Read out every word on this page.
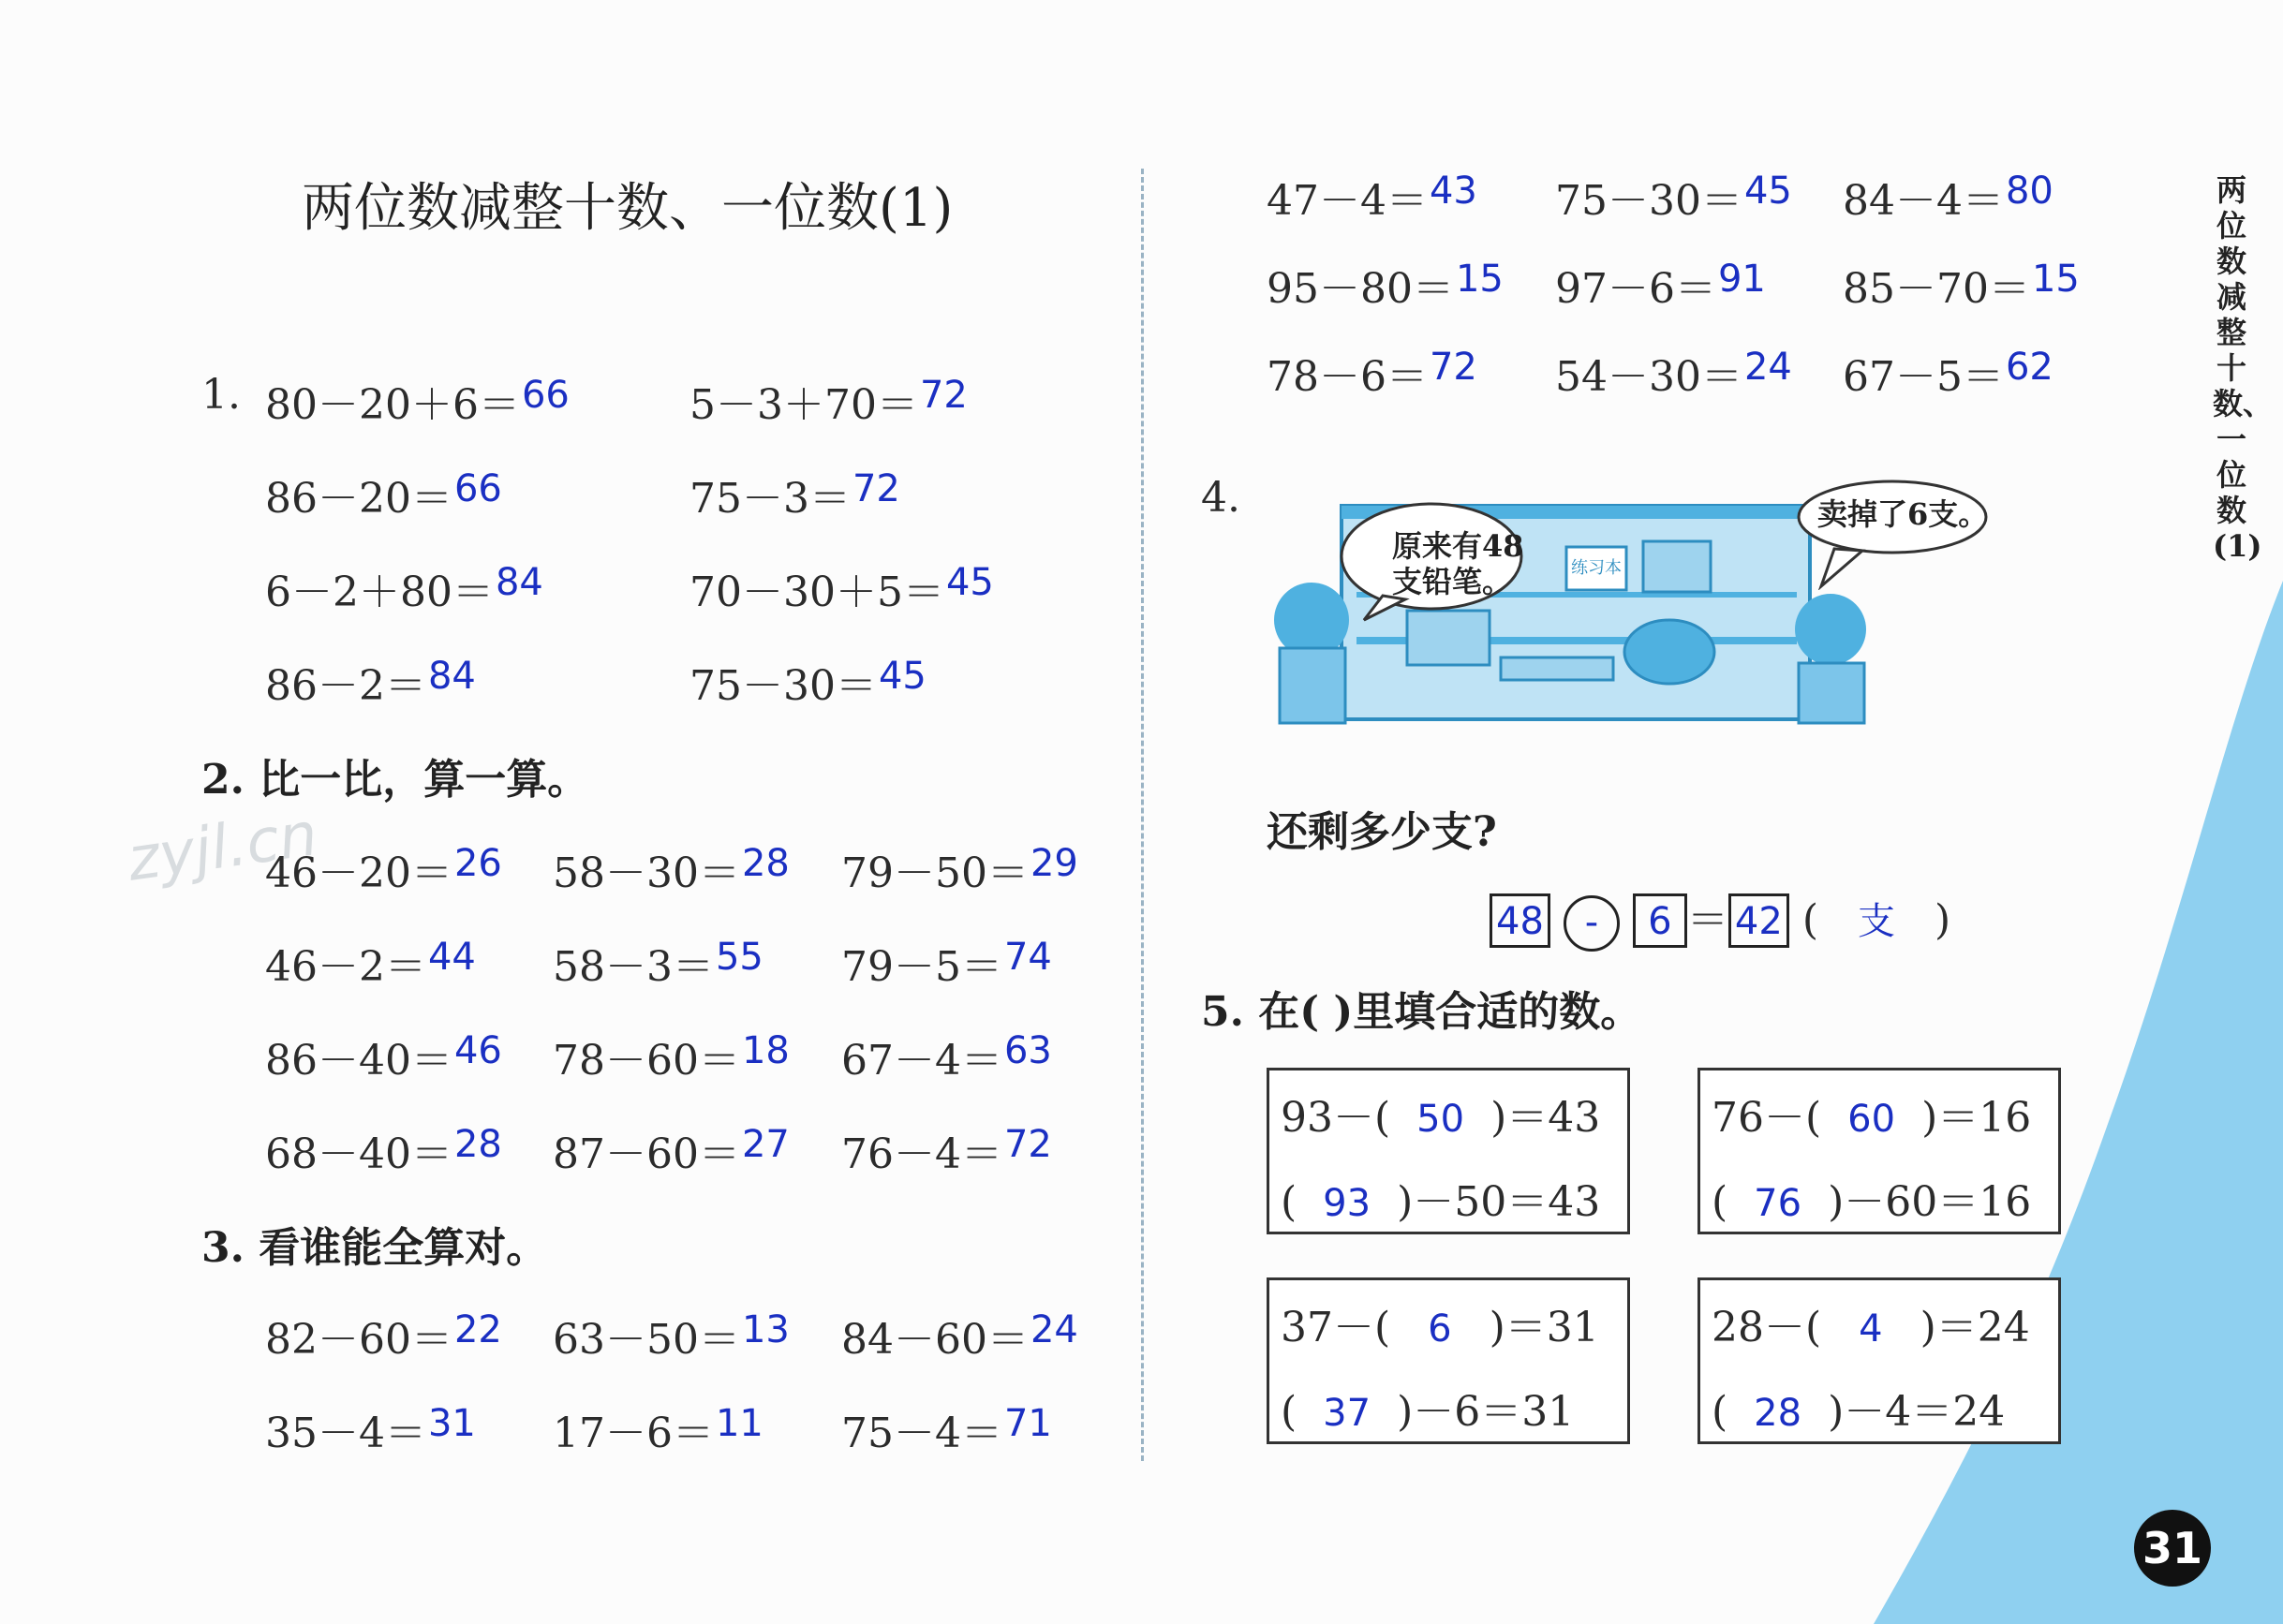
zyjl.cn
两位数减整十数、一位数(1)
1. 80－20＋6＝66	5－3＋70＝72
86－20＝66	75－3＝72
6－2＋80＝84	70－30＋5＝45
86－2＝84	75－30＝45
2. 比一比，算一算。
46－20＝26 58－30＝28 79－50＝29
46－2＝44 58－3＝55 79－5＝74
86－40＝46 78－60＝18 67－4＝63
68－40＝28 87－60＝27 76－4＝72
3. 看谁能全算对。
82－60＝22 63－50＝13 84－60＝24
35－4＝31 17－6＝11 75－4＝71
47－4＝43 75－30＝45 84－4＝80
95－80＝15 97－6＝91 85－70＝15
78－6＝72 54－30＝24 67－5＝62
4.
练习本
原来有48支铅笔。
卖掉了6支。
还剩多少支?
48 - 6 ＝ 42 ( 支 )
5. 在( )里填合适的数。
93－( 50 )＝43
( 93 )－50＝43
76－( 60 )＝16
( 76 )－60＝16
37－( 6 )＝31
( 37 )－6＝31
28－( 4 )＝24
( 28 )－4＝24
两位数减整十数、一位数(1)
31
